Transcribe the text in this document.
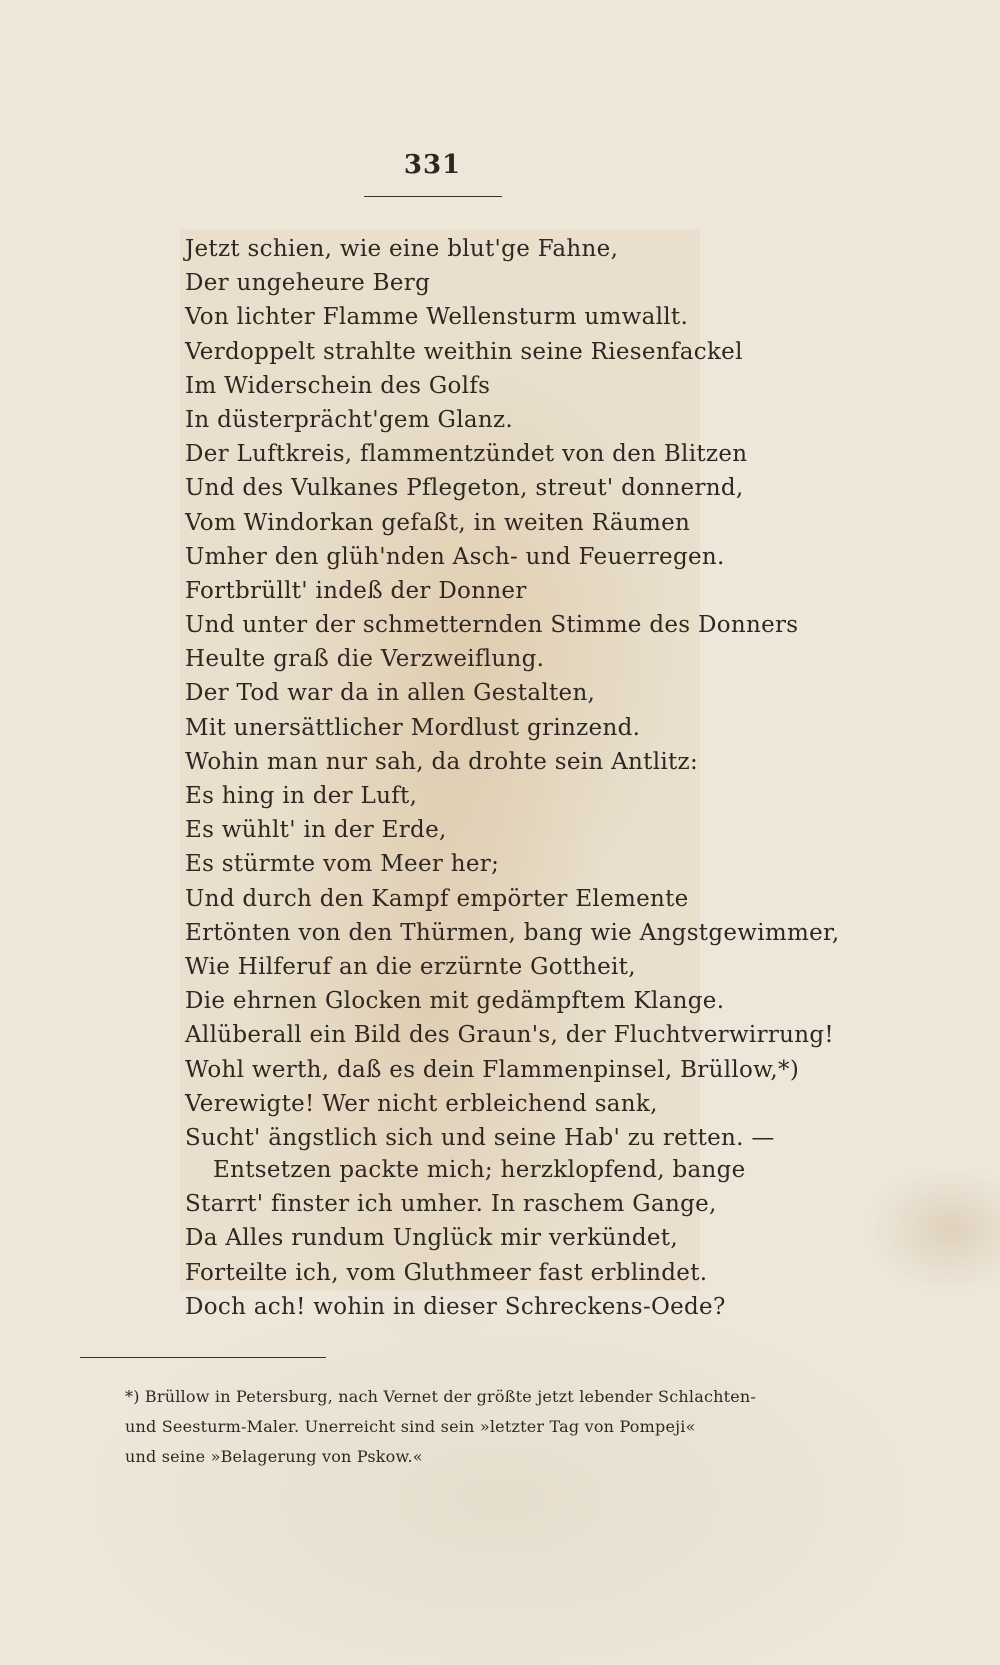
331
Jetzt schien, wie eine blut'ge Fahne,
Der ungeheure Berg
Von lichter Flamme Wellensturm umwallt.
Verdoppelt strahlte weithin seine Riesenfackel
Im Widerschein des Golfs
In düsterprächt'gem Glanz.
Der Luftkreis, flammentzündet von den Blitzen
Und des Vulkanes Pflegeton, streut' donnernd,
Vom Windorkan gefaßt, in weiten Räumen
Umher den glüh'nden Asch- und Feuerregen.
Fortbrüllt' indeß der Donner
Und unter der schmetternden Stimme des Donners
Heulte graß die Verzweiflung.
Der Tod war da in allen Gestalten,
Mit unersättlicher Mordlust grinzend.
Wohin man nur sah, da drohte sein Antlitz:
Es hing in der Luft,
Es wühlt' in der Erde,
Es stürmte vom Meer her;
Und durch den Kampf empörter Elemente
Ertönten von den Thürmen, bang wie Angstgewimmer,
Wie Hilferuf an die erzürnte Gottheit,
Die ehrnen Glocken mit gedämpftem Klange.
Allüberall ein Bild des Graun's, der Fluchtverwirrung!
Wohl werth, daß es dein Flammenpinsel, Brüllow,*)
Verewigte! Wer nicht erbleichend sank,
Sucht' ängstlich sich und seine Hab' zu retten. —
Entsetzen packte mich; herzklopfend, bange
Starrt' finster ich umher. In raschem Gange,
Da Alles rundum Unglück mir verkündet,
Forteilte ich, vom Gluthmeer fast erblindet.
Doch ach! wohin in dieser Schreckens-Oede?
*) Brüllow in Petersburg, nach Vernet der größte jetzt lebender Schlachten-
und Seesturm-Maler. Unerreicht sind sein »letzter Tag von Pompeji«
und seine »Belagerung von Pskow.«
